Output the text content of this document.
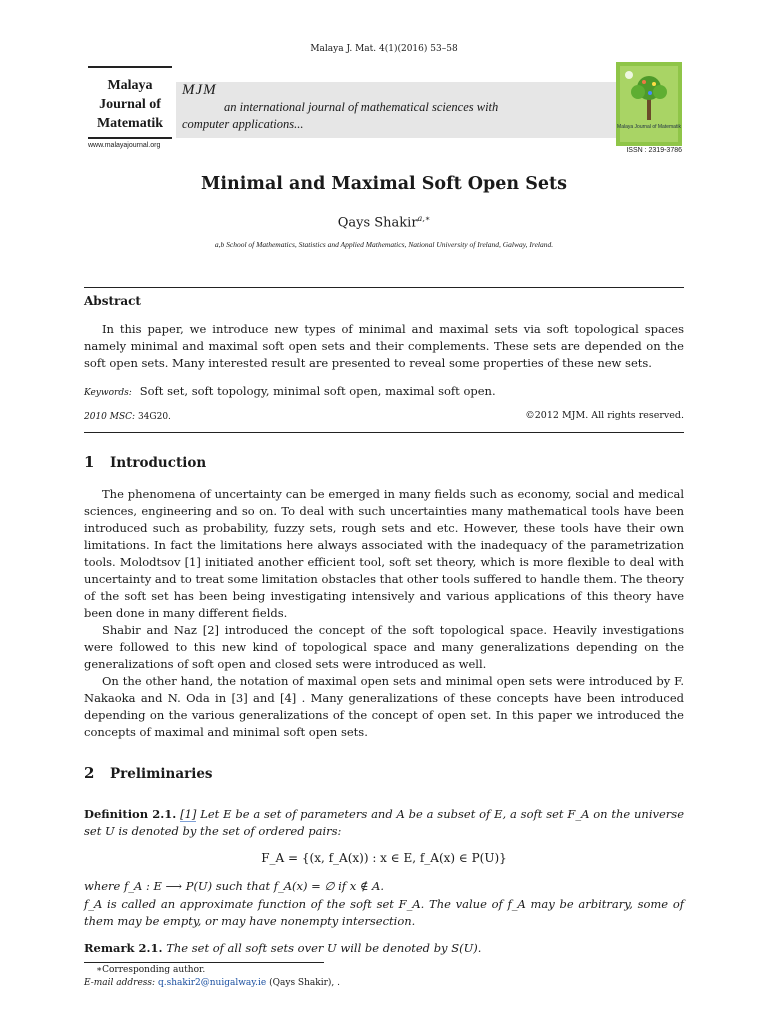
Malaya J. Mat. 4(1)(2016) 53–58
Malaya
Journal of
Matematik
www.malayajournal.org
MJM
an international journal of mathematical sciences with
computer applications...	Malaya Journal of Matematik
ISSN : 2319-3786
Minimal and Maximal Soft Open Sets
Qays Shakir$^{a,∗}$
a,b School of Mathematics, Statistics and Applied Mathematics, National University of Ireland, Galway, Ireland.
Abstract
In this paper, we introduce new types of minimal and maximal sets via soft topological spaces namely minimal and maximal soft open sets and their complements. These sets are depended on the soft open sets. Many interested result are presented to reveal some properties of these new sets.
Keywords: Soft set, soft topology, minimal soft open, maximal soft open.
2010 MSC: 34G20.	©2012 MJM. All rights reserved.
1 Introduction

The phenomena of uncertainty can be emerged in many fields such as economy, social and medical sciences, engineering and so on. To deal with such uncertainties many mathematical tools have been introduced such as probability, fuzzy sets, rough sets and etc. However, these tools have their own limitations. In fact the limitations here always associated with the inadequacy of the parametrization tools. Molodtsov [1] initiated another efficient tool, soft set theory, which is more flexible to deal with uncertainty and to treat some limitation obstacles that other tools suffered to handle them. The theory of the soft set has been being investigating intensively and various applications of this theory have been done in many different fields.

Shabir and Naz [2] introduced the concept of the soft topological space. Heavily investigations were followed to this new kind of topological space and many generalizations depending on the generalizations of soft open and closed sets were introduced as well.

On the other hand, the notation of maximal open sets and minimal open sets were introduced by F. Nakaoka and N. Oda in [3] and [4] . Many generalizations of these concepts have been introduced depending on the various generalizations of the concept of open set. In this paper we introduced the concepts of maximal and minimal soft open sets.

2 Preliminaries
Definition 2.1. [1] Let E be a set of parameters and A be a subset of E, a soft set F_A on the universe set U is denoted by the set of ordered pairs:
F_A = {(x, f_A(x)) : x ∈ E, f_A(x) ∈ P(U)}
where f_A : E ⟶ P(U) such that f_A(x) = ∅ if x ∉ A.
f_A is called an approximate function of the soft set F_A. The value of f_A may be arbitrary, some of them may be empty, or may have nonempty intersection.
Remark 2.1. The set of all soft sets over U will be denoted by S(U).
∗Corresponding author.
E-mail address: q.shakir2@nuigalway.ie (Qays Shakir), .
